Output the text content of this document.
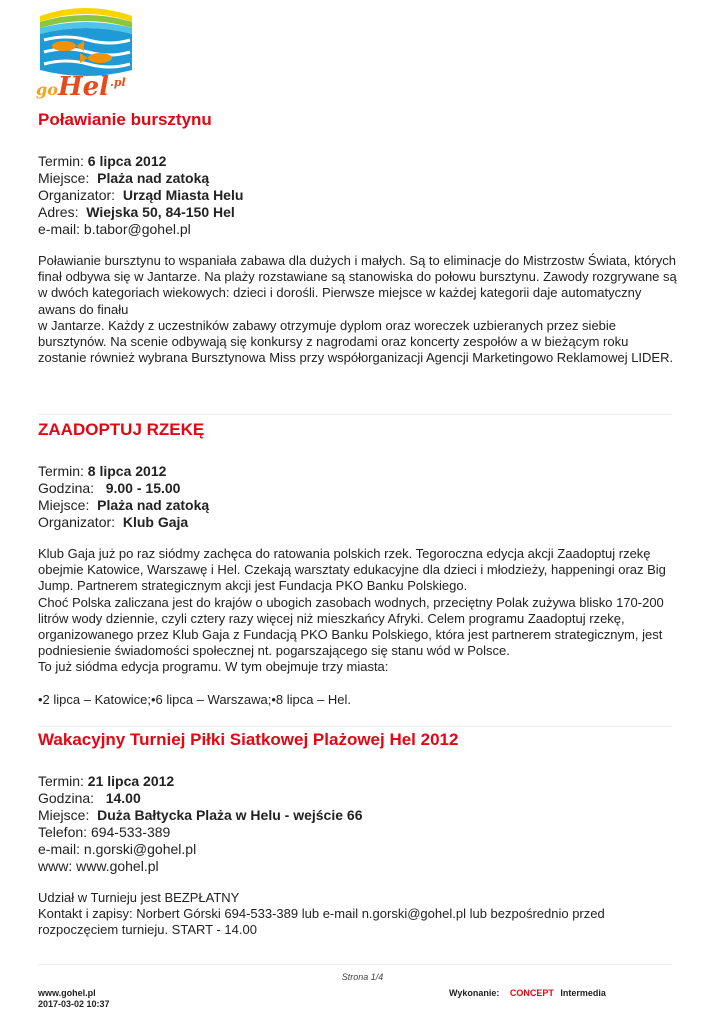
go Hel .pl
Poławianie bursztynu
Termin: 6 lipca 2012
Miejsce: Plaża nad zatoką
Organizator: Urząd Miasta Helu
Adres: Wiejska 50, 84-150 Hel
e-mail: b.tabor@gohel.pl

Poławianie bursztynu to wspaniała zabawa dla dużych i małych. Są to eliminacje do Mistrzostw Świata, których finał odbywa się w Jantarze. Na plaży rozstawiane są stanowiska do połowu bursztynu. Zawody rozgrywane są w dwóch kategoriach wiekowych: dzieci i dorośli. Pierwsze miejsce w każdej kategorii daje automatyczny awans do finału

w Jantarze. Każdy z uczestników zabawy otrzymuje dyplom oraz woreczek uzbieranych przez siebie bursztynów. Na scenie odbywają się konkursy z nagrodami oraz koncerty zespołów a w bieżącym roku zostanie również wybrana Bursztynowa Miss przy współorganizacji Agencji Marketingowo Reklamowej LIDER.

ZAADOPTUJ RZEKĘ
Termin: 8 lipca 2012
Godzina: 9.00 - 15.00
Miejsce: Plaża nad zatoką
Organizator: Klub Gaja

Klub Gaja już po raz siódmy zachęca do ratowania polskich rzek. Tegoroczna edycja akcji Zaadoptuj rzekę obejmie Katowice, Warszawę i Hel. Czekają warsztaty edukacyjne dla dzieci i młodzieży, happeningi oraz Big Jump. Partnerem strategicznym akcji jest Fundacja PKO Banku Polskiego.

Choć Polska zaliczana jest do krajów o ubogich zasobach wodnych, przeciętny Polak zużywa blisko 170-200 litrów wody dziennie, czyli cztery razy więcej niż mieszkańcy Afryki. Celem programu Zaadoptuj rzekę, organizowanego przez Klub Gaja z Fundacją PKO Banku Polskiego, która jest partnerem strategicznym, jest podniesienie świadomości społecznej nt. pogarszającego się stanu wód w Polsce.

To już siódma edycja programu. W tym obejmuje trzy miasta:

•2 lipca – Katowice;•6 lipca – Warszawa;•8 lipca – Hel.

Wakacyjny Turniej Piłki Siatkowej Plażowej Hel 2012
Termin: 21 lipca 2012
Godzina: 14.00
Miejsce: Duża Bałtycka Plaża w Helu - wejście 66
Telefon: 694-533-389
e-mail: n.gorski@gohel.pl
www: www.gohel.pl

Udział w Turnieju jest BEZPŁATNY

Kontakt i zapisy: Norbert Górski 694-533-389 lub e-mail n.gorski@gohel.pl lub bezpośrednio przed rozpoczęciem turnieju. START - 14.00

Strona 1/4
www.gohel.pl
2017-03-02 10:37
Wykonanie: CONCEPT Intermedia
